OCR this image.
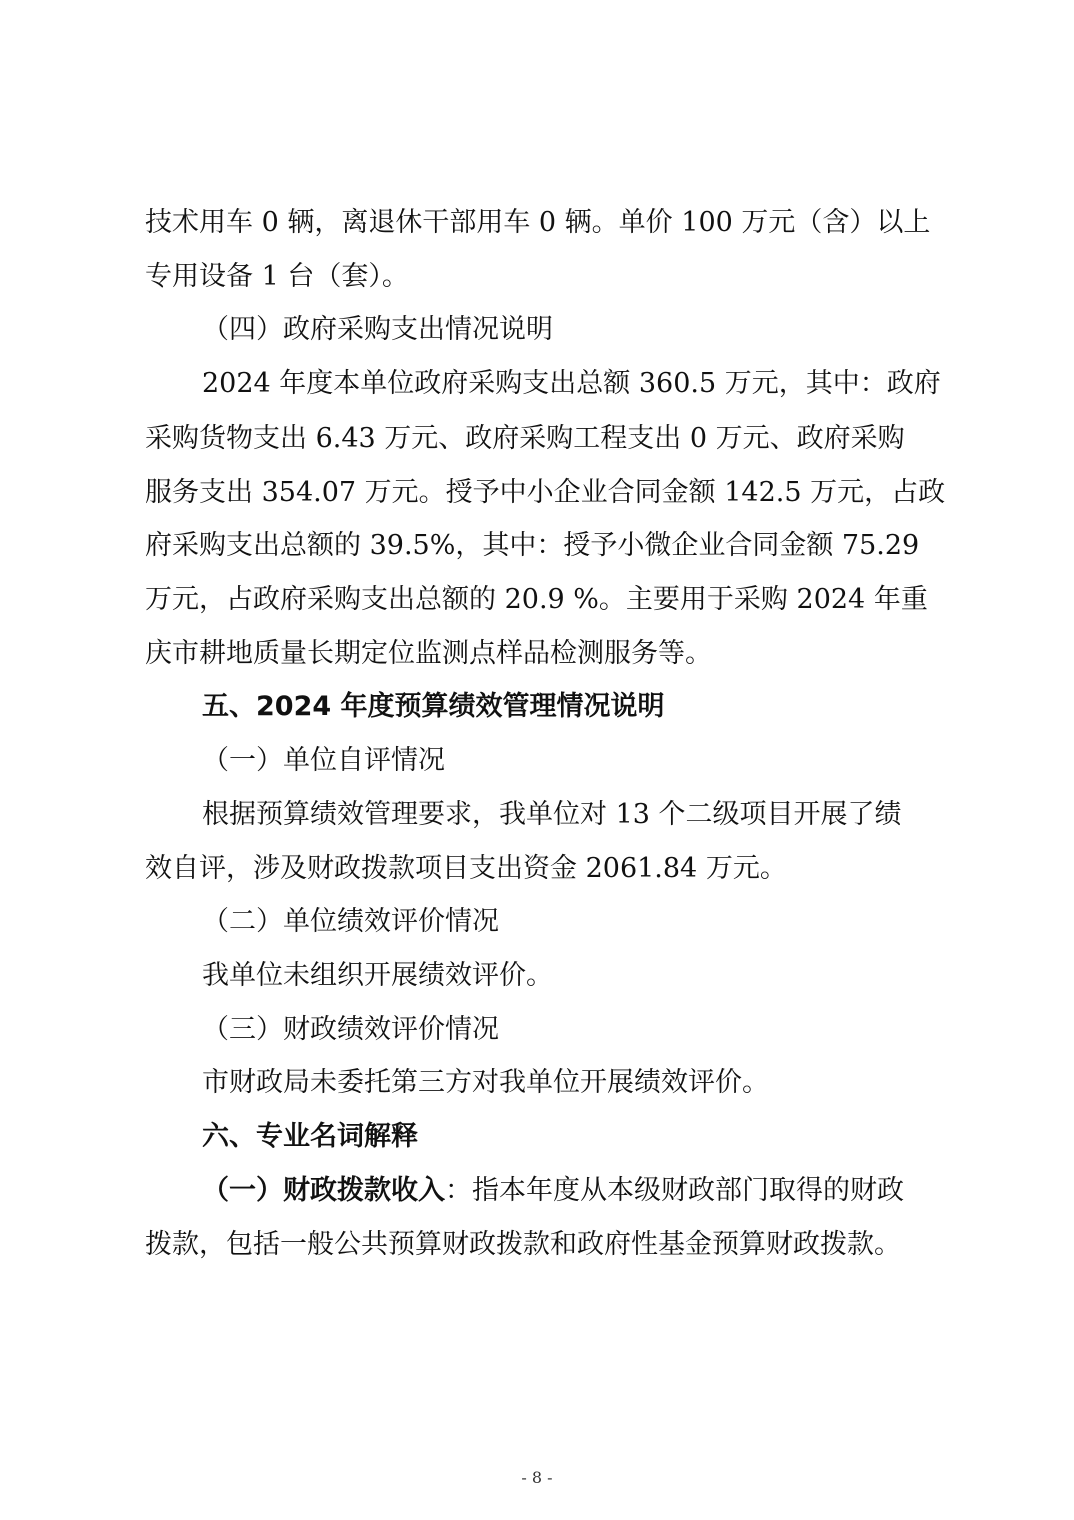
技术用车 0 辆，离退休干部用车 0 辆。单价 100 万元（含）以上
专用设备 1 台（套）。
（四）政府采购支出情况说明
2024 年度本单位政府采购支出总额 360.5 万元，其中：政府
采购货物支出 6.43 万元、政府采购工程支出 0 万元、政府采购
服务支出 354.07 万元。授予中小企业合同金额 142.5 万元，占政
府采购支出总额的 39.5%，其中：授予小微企业合同金额 75.29
万元，占政府采购支出总额的 20.9 %。主要用于采购 2024 年重
庆市耕地质量长期定位监测点样品检测服务等。
五、2024 年度预算绩效管理情况说明
（一）单位自评情况
根据预算绩效管理要求，我单位对 13 个二级项目开展了绩
效自评，涉及财政拨款项目支出资金 2061.84 万元。
（二）单位绩效评价情况
我单位未组织开展绩效评价。
（三）财政绩效评价情况
市财政局未委托第三方对我单位开展绩效评价。
六、专业名词解释
（一）财政拨款收入：指本年度从本级财政部门取得的财政
拨款，包括一般公共预算财政拨款和政府性基金预算财政拨款。
- 8 -
